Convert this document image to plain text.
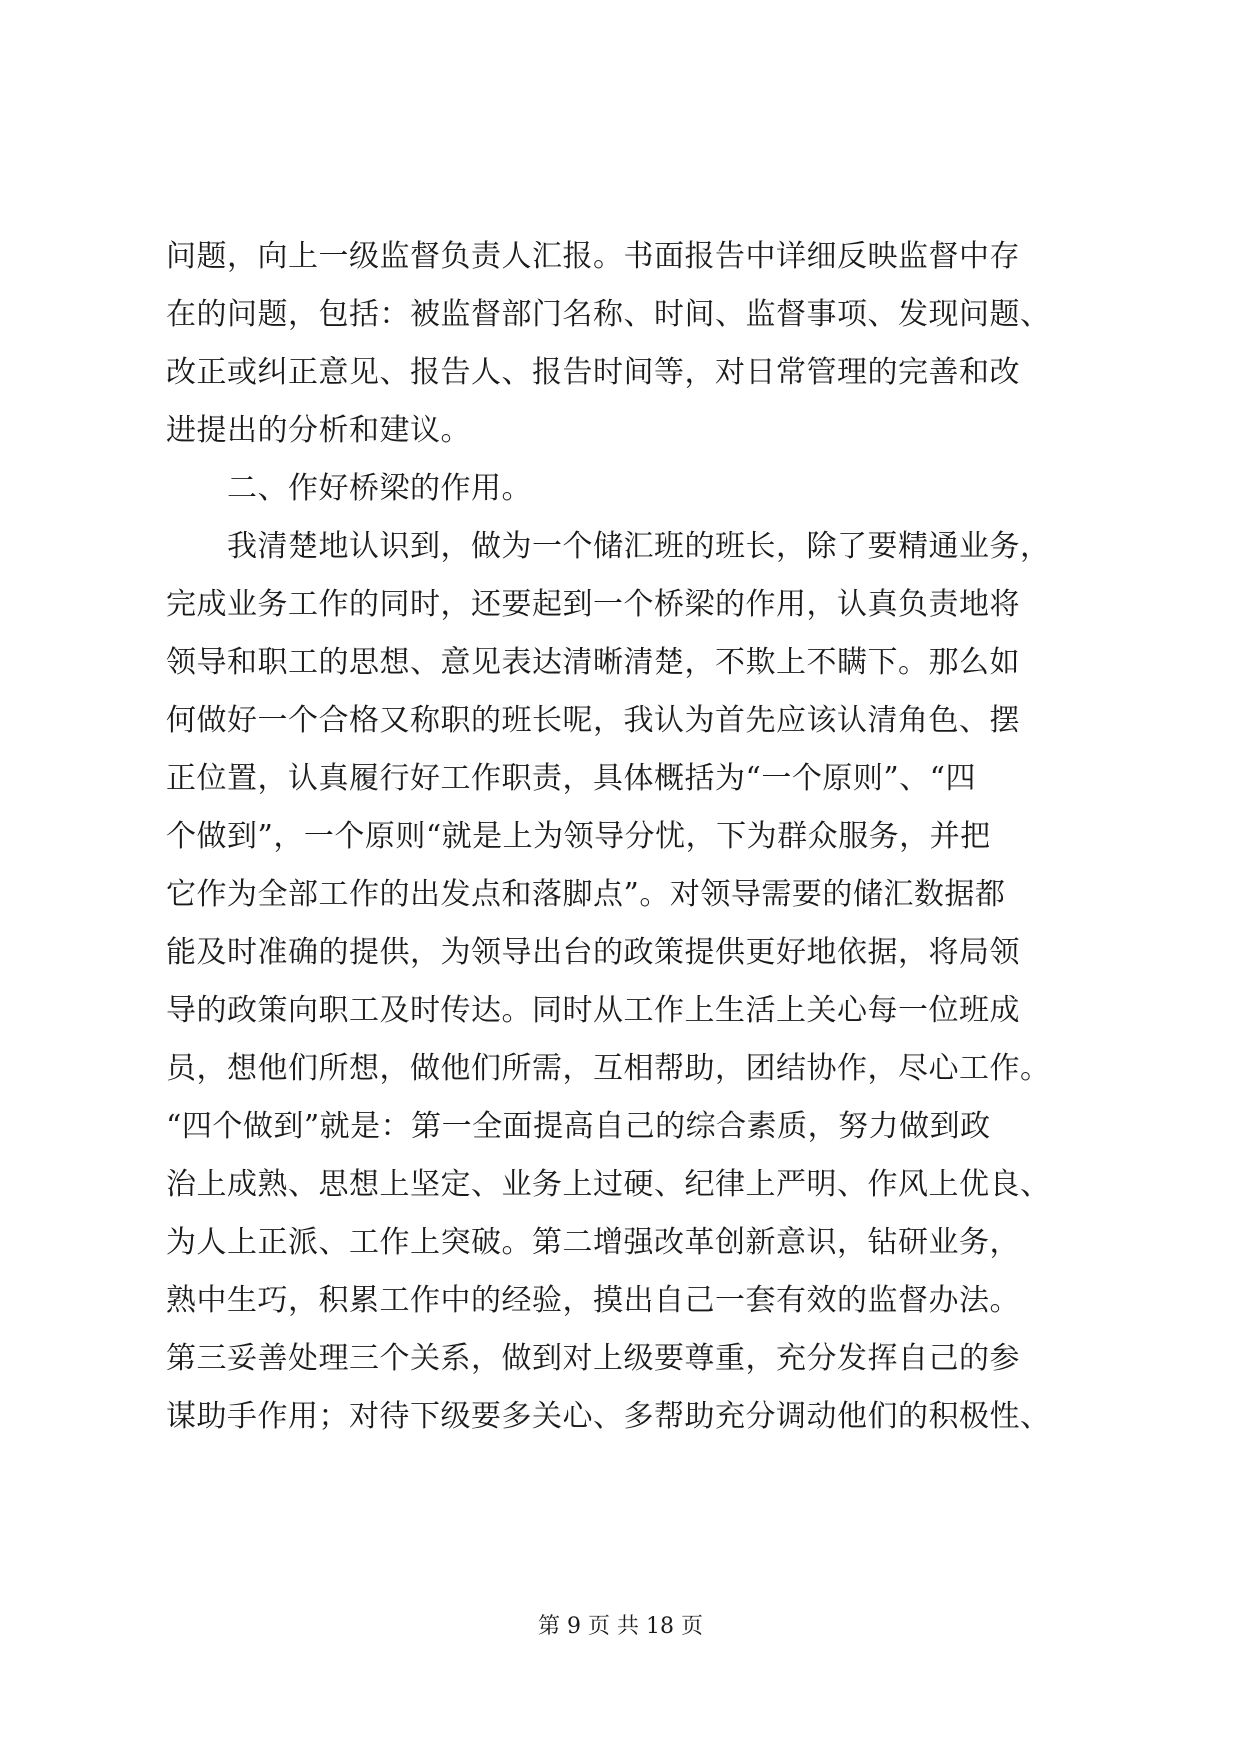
问题，向上一级监督负责人汇报。书面报告中详细反映监督中存
在的问题，包括：被监督部门名称、时间、监督事项、发现问题、
改正或纠正意见、报告人、报告时间等，对日常管理的完善和改
进提出的分析和建议。
　　二、作好桥梁的作用。
　　我清楚地认识到，做为一个储汇班的班长，除了要精通业务，
完成业务工作的同时，还要起到一个桥梁的作用，认真负责地将
领导和职工的思想、意见表达清晰清楚，不欺上不瞒下。那么如
何做好一个合格又称职的班长呢，我认为首先应该认清角色、摆
正位置，认真履行好工作职责，具体概括为“一个原则”、“四
个做到”，一个原则“就是上为领导分忧，下为群众服务，并把
它作为全部工作的出发点和落脚点”。对领导需要的储汇数据都
能及时准确的提供，为领导出台的政策提供更好地依据，将局领
导的政策向职工及时传达。同时从工作上生活上关心每一位班成
员，想他们所想，做他们所需，互相帮助，团结协作，尽心工作。
“四个做到”就是：第一全面提高自己的综合素质，努力做到政
治上成熟、思想上坚定、业务上过硬、纪律上严明、作风上优良、
为人上正派、工作上突破。第二增强改革创新意识，钻研业务，
熟中生巧，积累工作中的经验，摸出自己一套有效的监督办法。
第三妥善处理三个关系，做到对上级要尊重，充分发挥自己的参
谋助手作用；对待下级要多关心、多帮助充分调动他们的积极性、
第 9 页 共 18 页
